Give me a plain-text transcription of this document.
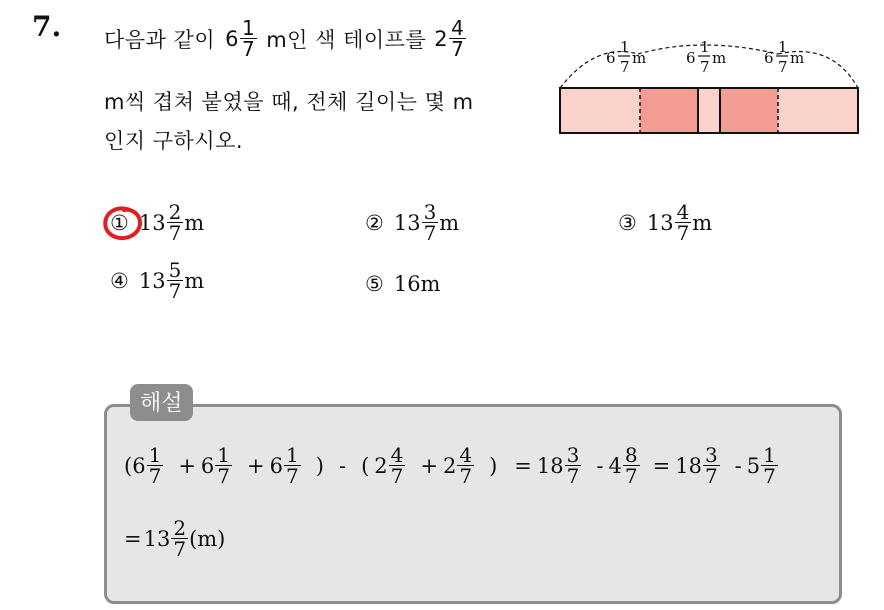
7. 다음과 같이 $6 \frac{1}{7}$ m인 색 테이프를 $2 \frac{4}{7}$
m씩 겹쳐 붙였을 때, 전체 길이는 몇 m
인지 구하시오.
6
1
7 m	6
1
7 m	6
1
7 m
① $13 \frac{2}{7}$ m	② $13 \frac{3}{7}$ m	③ $13 \frac{4}{7}$ m
④ $13 \frac{5}{7}$ m	⑤ 16m
해설
( $6 \frac{1}{7} + 6 \frac{1}{7} + 6 \frac{1}{7}$ ) - ( $2 \frac{4}{7} + 2 \frac{4}{7}$ ) = $18 \frac{3}{7} - 4 \frac{8}{7} = 18 \frac{3}{7} - 5 \frac{1}{7}$
= $13 \frac{2}{7} (m)$
